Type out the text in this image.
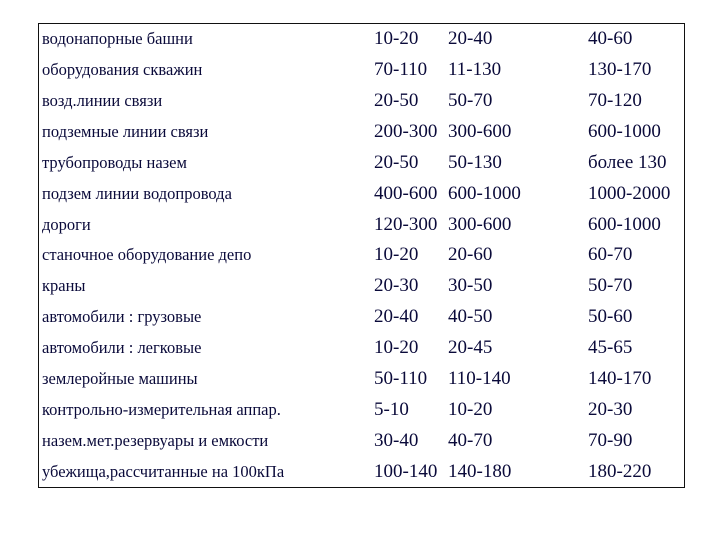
водонапорные башни	10-20	20-40	40-60
оборудования скважин	70-110	11-130	130-170
возд.линии связи	20-50	50-70	70-120
подземные линии связи	200-300	300-600	600-1000
трубопроводы назем	20-50	50-130	более 130
подзем линии водопровода	400-600	600-1000	1000-2000
дороги	120-300	300-600	600-1000
станочное оборудование депо	10-20	20-60	60-70
краны	20-30	30-50	50-70
автомобили : грузовые	20-40	40-50	50-60
автомобили : легковые	10-20	20-45	45-65
землеройные машины	50-110	110-140	140-170
контрольно-измерительная аппар.	5-10	10-20	20-30
назем.мет.резервуары и емкости	30-40	40-70	70-90
убежища,рассчитанные на 100кПа	100-140	140-180	180-220
